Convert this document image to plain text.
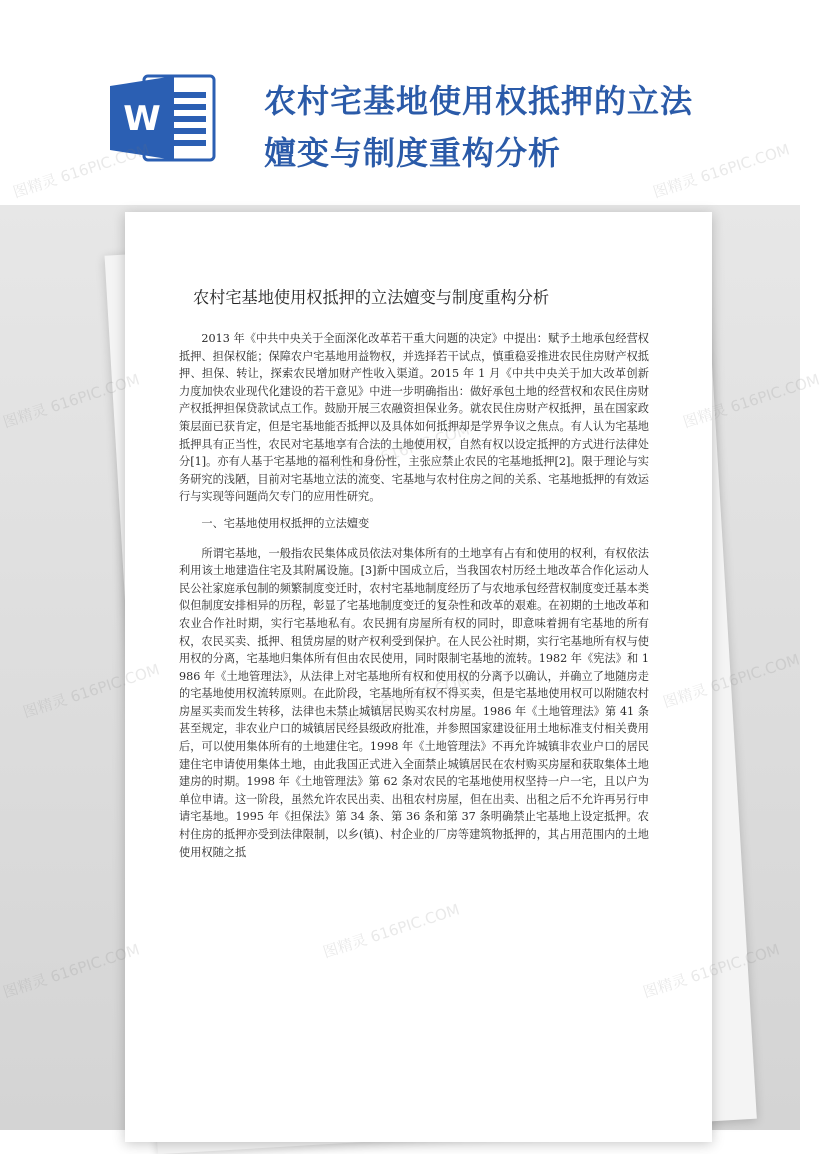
W	农村宅基地使用权抵押的立法
嬗变与制度重构分析
农村宅基地使用权抵押的立法嬗变与制度重构分析

2013 年《中共中央关于全面深化改革若干重大问题的决定》中提出：赋予土地承包经营权抵押、担保权能；保障农户宅基地用益物权，并选择若干试点，慎重稳妥推进农民住房财产权抵押、担保、转让，探索农民增加财产性收入渠道。2015 年 1 月《中共中央关于加大改革创新力度加快农业现代化建设的若干意见》中进一步明确指出：做好承包土地的经营权和农民住房财产权抵押担保贷款试点工作。鼓励开展三农融资担保业务。就农民住房财产权抵押，虽在国家政策层面已获肯定，但是宅基地能否抵押以及具体如何抵押却是学界争议之焦点。有人认为宅基地抵押具有正当性，农民对宅基地享有合法的土地使用权，自然有权以设定抵押的方式进行法律处分[1]。亦有人基于宅基地的福利性和身份性，主张应禁止农民的宅基地抵押[2]。限于理论与实务研究的浅陋，目前对宅基地立法的流变、宅基地与农村住房之间的关系、宅基地抵押的有效运行与实现等问题尚欠专门的应用性研究。

一、宅基地使用权抵押的立法嬗变

所谓宅基地，一般指农民集体成员依法对集体所有的土地享有占有和使用的权利，有权依法利用该土地建造住宅及其附属设施。[3]新中国成立后，当我国农村历经土地改革合作化运动人民公社家庭承包制的频繁制度变迁时，农村宅基地制度经历了与农地承包经营权制度变迁基本类似但制度安排相异的历程，彰显了宅基地制度变迁的复杂性和改革的艰难。在初期的土地改革和农业合作社时期，实行宅基地私有。农民拥有房屋所有权的同时，即意味着拥有宅基地的所有权，农民买卖、抵押、租赁房屋的财产权利受到保护。在人民公社时期，实行宅基地所有权与使用权的分离，宅基地归集体所有但由农民使用，同时限制宅基地的流转。1982 年《宪法》和 1986 年《土地管理法》，从法律上对宅基地所有权和使用权的分离予以确认，并确立了地随房走的宅基地使用权流转原则。在此阶段，宅基地所有权不得买卖，但是宅基地使用权可以附随农村房屋买卖而发生转移，法律也未禁止城镇居民购买农村房屋。1986 年《土地管理法》第 41 条甚至规定，非农业户口的城镇居民经县级政府批准，并参照国家建设征用土地标准支付相关费用后，可以使用集体所有的土地建住宅。1998 年《土地管理法》不再允许城镇非农业户口的居民建住宅申请使用集体土地，由此我国正式进入全面禁止城镇居民在农村购买房屋和获取集体土地建房的时期。1998 年《土地管理法》第 62 条对农民的宅基地使用权坚持一户一宅，且以户为单位申请。这一阶段，虽然允许农民出卖、出租农村房屋，但在出卖、出租之后不允许再另行申请宅基地。1995 年《担保法》第 34 条、第 36 条和第 37 条明确禁止宅基地上设定抵押。农村住房的抵押亦受到法律限制，以乡(镇)、村企业的厂房等建筑物抵押的，其占用范围内的土地使用权随之抵
